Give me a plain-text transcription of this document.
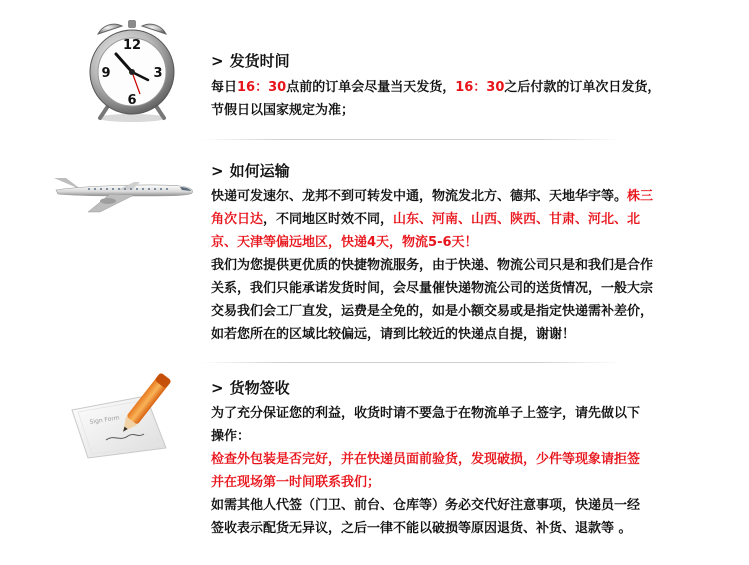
12
3
6
9
> 发货时间
每日16：30点前的订单会尽量当天发货，16：30之后付款的订单次日发货，
节假日以国家规定为准；
> 如何运输
快递可发速尔、龙邦不到可转发中通，物流发北方、德邦、天地华宇等。株三
角次日达，不同地区时效不同，山东、河南、山西、陕西、甘肃、河北、北
京、天津等偏远地区，快递4天，物流5-6天！
我们为您提供更优质的快捷物流服务，由于快递、物流公司只是和我们是合作
关系，我们只能承诺发货时间，会尽量催快递物流公司的送货情况，一般大宗
交易我们会工厂直发，运费是全免的，如是小额交易或是指定快递需补差价，
如若您所在的区域比较偏远，请到比较近的快递点自提，谢谢！
Sign Form
> 货物签收
为了充分保证您的利益，收货时请不要急于在物流单子上签字，请先做以下
操作：
检查外包装是否完好，并在快递员面前验货，发现破损，少件等现象请拒签
并在现场第一时间联系我们；
如需其他人代签（门卫、前台、仓库等）务必交代好注意事项，快递员一经
签收表示配货无异议，之后一律不能以破损等原因退货、补货、退款等 。
